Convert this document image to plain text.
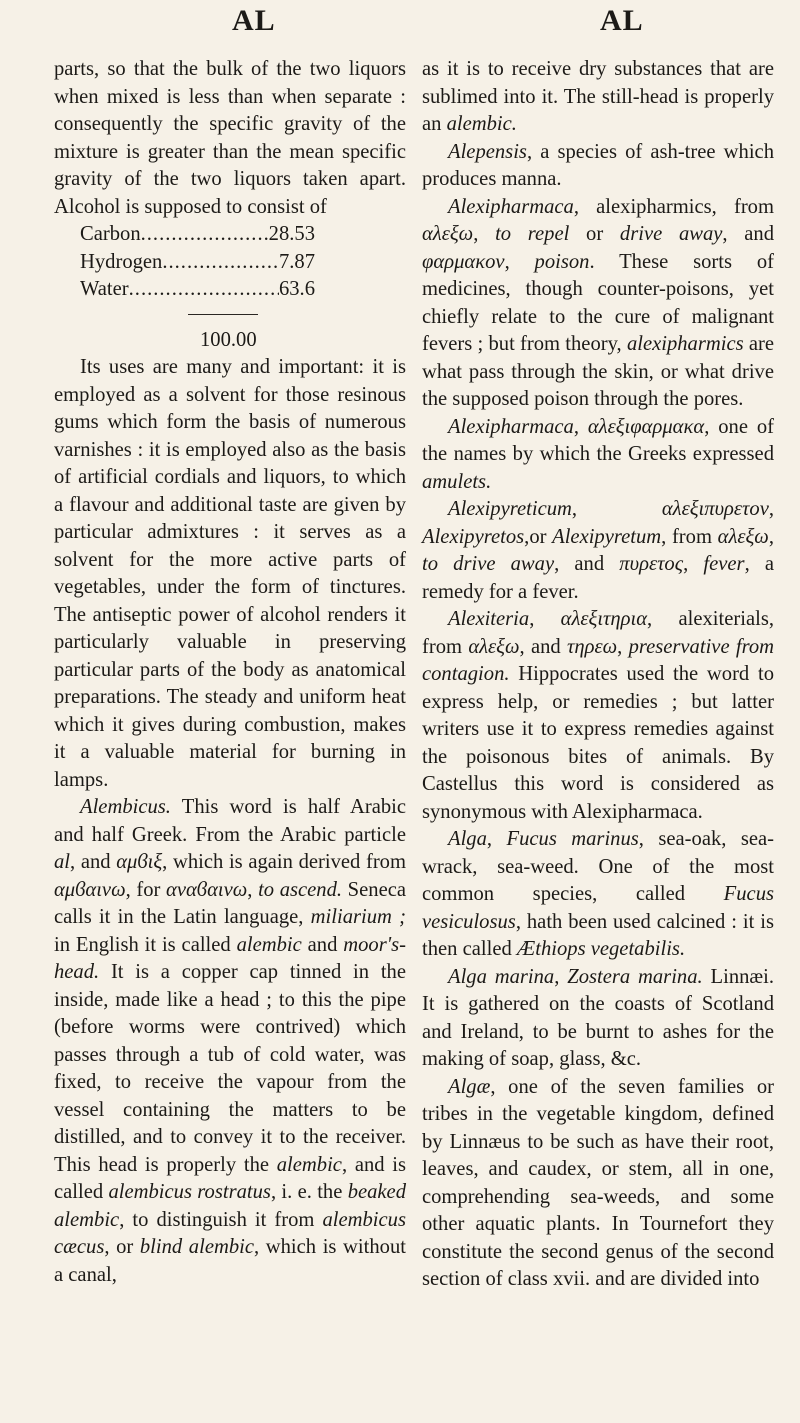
AL	AL

parts, so that the bulk of the two liquors when mixed is less than when separate : consequently the specific gravity of the mixture is greater than the mean specific gravity of the two liquors taken apart. Alcohol is supposed to consist of

Carbon .....	28.53
Hydrogen .....	7.87
Water .....	63.6
100.00

Its uses are many and important: it is employed as a solvent for those resinous gums which form the basis of numerous varnishes : it is employed also as the basis of artificial cordials and liquors, to which a flavour and additional taste are given by particular admixtures : it serves as a solvent for the more active parts of vegetables, under the form of tinctures. The antiseptic power of alcohol renders it particularly valuable in preserving particular parts of the body as anatomical preparations. The steady and uniform heat which it gives during combustion, makes it a valuable material for burning in lamps.

Alembicus. This word is half Arabic and half Greek. From the Arabic particle al, and αμϐιξ, which is again derived from αμϐαινω, for αναϐαινω, to ascend. Seneca calls it in the Latin language, miliarium ; in English it is called alembic and moor's-head. It is a copper cap tinned in the inside, made like a head ; to this the pipe (before worms were contrived) which passes through a tub of cold water, was fixed, to receive the vapour from the vessel containing the matters to be distilled, and to convey it to the receiver. This head is properly the alembic, and is called alembicus rostratus, i. e. the beaked alembic, to distinguish it from alembicus cæcus, or blind alembic, which is without a canal,

as it is to receive dry substances that are sublimed into it. The still-head is properly an alembic.

Alepensis, a species of ash-tree which produces manna.

Alexipharmaca, alexipharmics, from αλεξω, to repel or drive away, and φαρμακον, poison. These sorts of medicines, though counter-poisons, yet chiefly relate to the cure of malignant fevers ; but from theory, alexipharmics are what pass through the skin, or what drive the supposed poison through the pores.

Alexipharmaca, αλεξιφαρμακα, one of the names by which the Greeks expressed amulets.

Alexipyreticum, αλεξιπυρετον, Alexipyretos,or Alexipyretum, from αλεξω, to drive away, and πυρετος, fever, a remedy for a fever.

Alexiteria, αλεξιτηρια, alexiterials, from αλεξω, and τηρεω, preservative from contagion. Hippocrates used the word to express help, or remedies ; but latter writers use it to express remedies against the poisonous bites of animals. By Castellus this word is considered as synonymous with Alexipharmaca.

Alga, Fucus marinus, sea-oak, sea-wrack, sea-weed. One of the most common species, called Fucus vesiculosus, hath been used calcined : it is then called Æthiops vegetabilis.

Alga marina, Zostera marina. Linnæi. It is gathered on the coasts of Scotland and Ireland, to be burnt to ashes for the making of soap, glass, &c.

Algæ, one of the seven families or tribes in the vegetable kingdom, defined by Linnæus to be such as have their root, leaves, and caudex, or stem, all in one, comprehending sea-weeds, and some other aquatic plants. In Tournefort they constitute the second genus of the second section of class xvii. and are divided into
